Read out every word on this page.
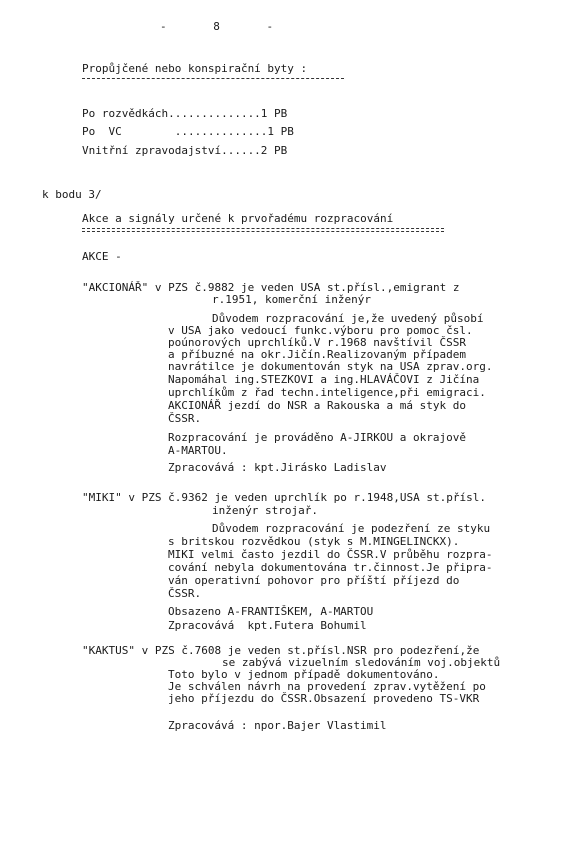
- 8 -
Propůjčené nebo konspirační byty :
Po rozvědkách..............1 PB
Po  VC        ..............1 PB
Vnitřní zpravodajství......2 PB
k bodu 3/
Akce a signály určené k prvořadému rozpracování
AKCE -
"AKCIONÁŘ" v PZS č.9882 je veden USA st.přísl.,emigrant z
r.1951, komerční inženýr
Důvodem rozpracování je,že uvedený působí
v USA jako vedoucí funkc.výboru pro pomoc čsl.
poúnorových uprchlíků.V r.1968 navštívil ČSSR
a příbuzné na okr.Jičín.Realizovaným případem
navrátilce je dokumentován styk na USA zprav.org.
Napomáhal ing.STEZKOVI a ing.HLAVÁČOVI z Jičína
uprchlíkům z řad techn.inteligence,při emigraci.
AKCIONÁŘ jezdí do NSR a Rakouska a má styk do
ČSSR.
Rozpracování je prováděno A-JIRKOU a okrajově
A-MARTOU.
Zpracovává : kpt.Jirásko Ladislav
"MIKI" v PZS č.9362 je veden uprchlík po r.1948,USA st.přísl.
inženýr strojař.
Důvodem rozpracování je podezření ze styku
s britskou rozvědkou (styk s M.MINGELINCKX).
MIKI velmi často jezdil do ČSSR.V průběhu rozpra-
cování nebyla dokumentována tr.činnost.Je připra-
ván operativní pohovor pro příští příjezd do
ČSSR.
Obsazeno A-FRANTIŠKEM, A-MARTOU
Zpracovává  kpt.Futera Bohumil
"KAKTUS" v PZS č.7608 je veden st.přísl.NSR pro podezření,že
se zabývá vizuelním sledováním voj.objektů
Toto bylo v jednom případě dokumentováno.
Je schválen návrh na provedení zprav.vytěžení po
jeho příjezdu do ČSSR.Obsazení provedeno TS-VKR
Zpracovává : npor.Bajer Vlastimil
